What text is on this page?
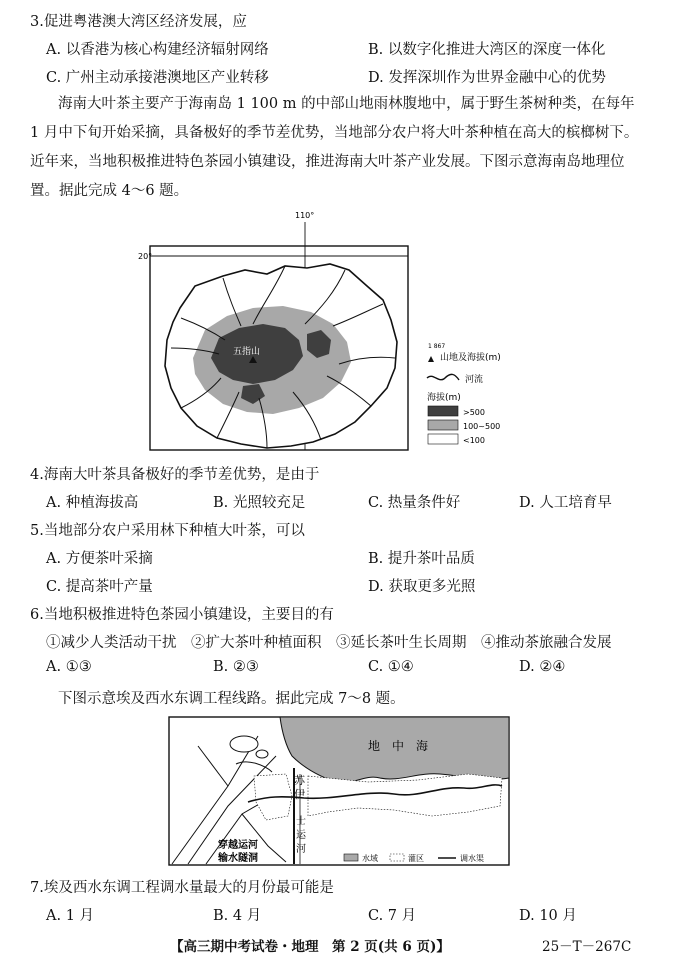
3.促进粤港澳大湾区经济发展，应
A. 以香港为核心构建经济辐射网络	B. 以数字化推进大湾区的深度一体化
C. 广州主动承接港澳地区产业转移	D. 发挥深圳作为世界金融中心的优势
海南大叶茶主要产于海南岛 1 100 m 的中部山地雨林腹地中，属于野生茶树种类，在每年
1 月中下旬开始采摘，具备极好的季节差优势，当地部分农户将大叶茶种植在高大的槟榔树下。
近年来，当地积极推进特色茶园小镇建设，推进海南大叶茶产业发展。下图示意海南岛地理位
置。据此完成 4～6 题。
110°
20°
五指山
1 867
山地及海拔(m)
河流
海拔(m)
>500
100~500
<100
4.海南大叶茶具备极好的季节差优势，是由于
A. 种植海拔高	B. 光照较充足	C. 热量条件好	D. 人工培育早
5.当地部分农户采用林下种植大叶茶，可以
A. 方便茶叶采摘	B. 提升茶叶品质
C. 提高茶叶产量	D. 获取更多光照
6.当地积极推进特色茶园小镇建设，主要目的有
①减少人类活动干扰　②扩大茶叶种植面积　③延长茶叶生长周期　④推动茶旅融合发展
A. ①③	B. ②③	C. ①④	D. ②④
下图示意埃及西水东调工程线路。据此完成 7～8 题。
地　中　海
苏
伊
士
运
河
穿越运河
输水隧洞	水域	灌区	调水渠
7.埃及西水东调工程调水量最大的月份最可能是
A. 1 月	B. 4 月	C. 7 月	D. 10 月
【高三期中考试卷・地理　第 2 页(共 6 页)】	25－T－267C
